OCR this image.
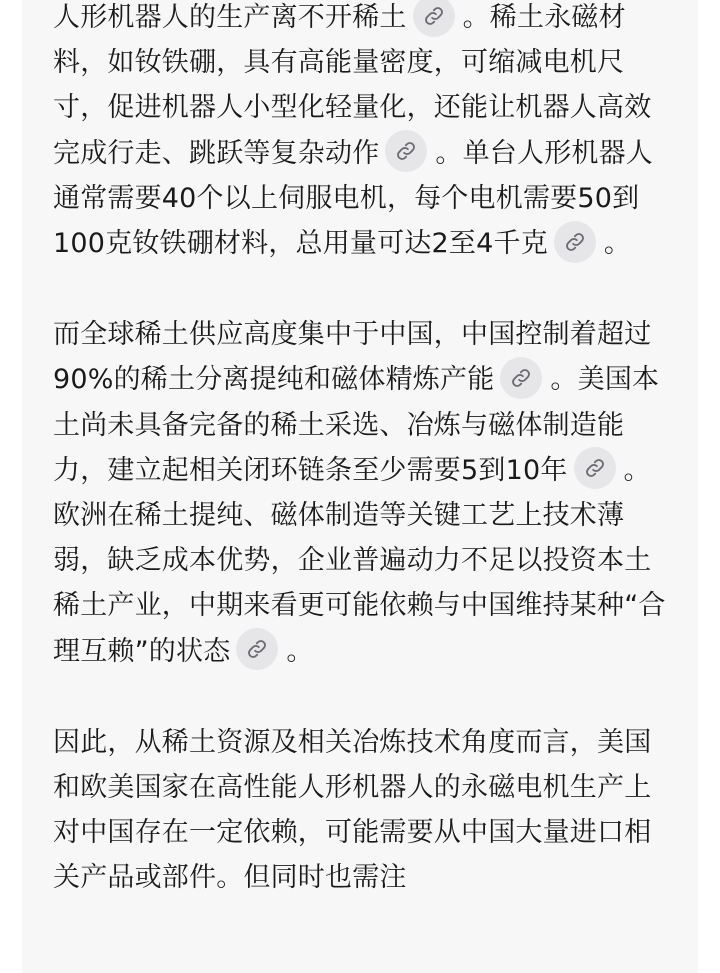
人形机器人的生产离不开稀土 。稀土永磁材料，如钕铁硼，具有高能量密度，可缩减电机尺寸，促进机器人小型化轻量化，还能让机器人高效完成行走、跳跃等复杂动作 。单台人形机器人通常需要40个以上伺服电机，每个电机需要50到100克钕铁硼材料，总用量可达2至4千克 。

而全球稀土供应高度集中于中国，中国控制着超过90%的稀土分离提纯和磁体精炼产能 。美国本土尚未具备完备的稀土采选、冶炼与磁体制造能力，建立起相关闭环链条至少需要5到10年 。欧洲在稀土提纯、磁体制造等关键工艺上技术薄弱，缺乏成本优势，企业普遍动力不足以投资本土稀土产业，中期来看更可能依赖与中国维持某种“合理互赖”的状态 。

因此，从稀土资源及相关冶炼技术角度而言，美国和欧美国家在高性能人形机器人的永磁电机生产上对中国存在一定依赖，可能需要从中国大量进口相关产品或部件。但同时也需注
